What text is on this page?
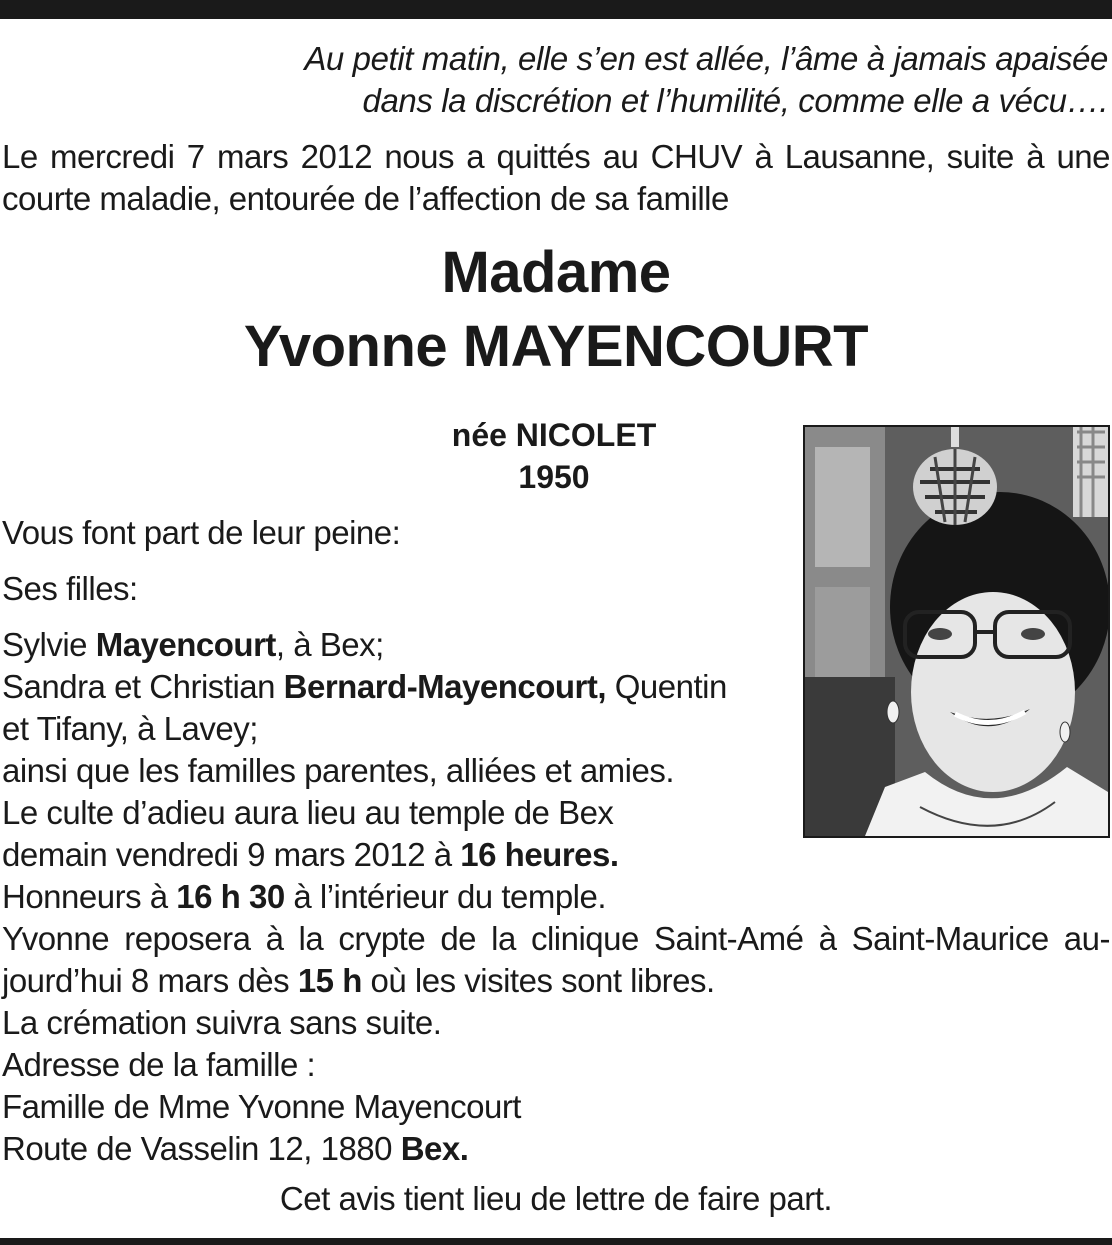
Au petit matin, elle s’en est allée, l’âme à jamais apaisée
dans la discrétion et l’humilité, comme elle a vécu….
Le mercredi 7 mars 2012 nous a quittés au CHUV à Lausanne, suite à une
courte maladie, entourée de l’affection de sa famille
Madame
Yvonne MAYENCOURT
née NICOLET
1950
Vous font part de leur peine:
Ses filles:
Sylvie Mayencourt, à Bex;
Sandra et Christian Bernard-Mayencourt, Quentin
et Tifany, à Lavey;
ainsi que les familles parentes, alliées et amies.
Le culte d’adieu aura lieu au temple de Bex
demain vendredi 9 mars 2012 à 16 heures.
Honneurs à 16 h 30 à l’intérieur du temple.
Yvonne reposera à la crypte de la clinique Saint-Amé à Saint-Maurice au-
jourd’hui 8 mars dès 15 h où les visites sont libres.
La crémation suivra sans suite.
Adresse de la famille :
Famille de Mme Yvonne Mayencourt
Route de Vasselin 12, 1880 Bex.
Cet avis tient lieu de lettre de faire part.
